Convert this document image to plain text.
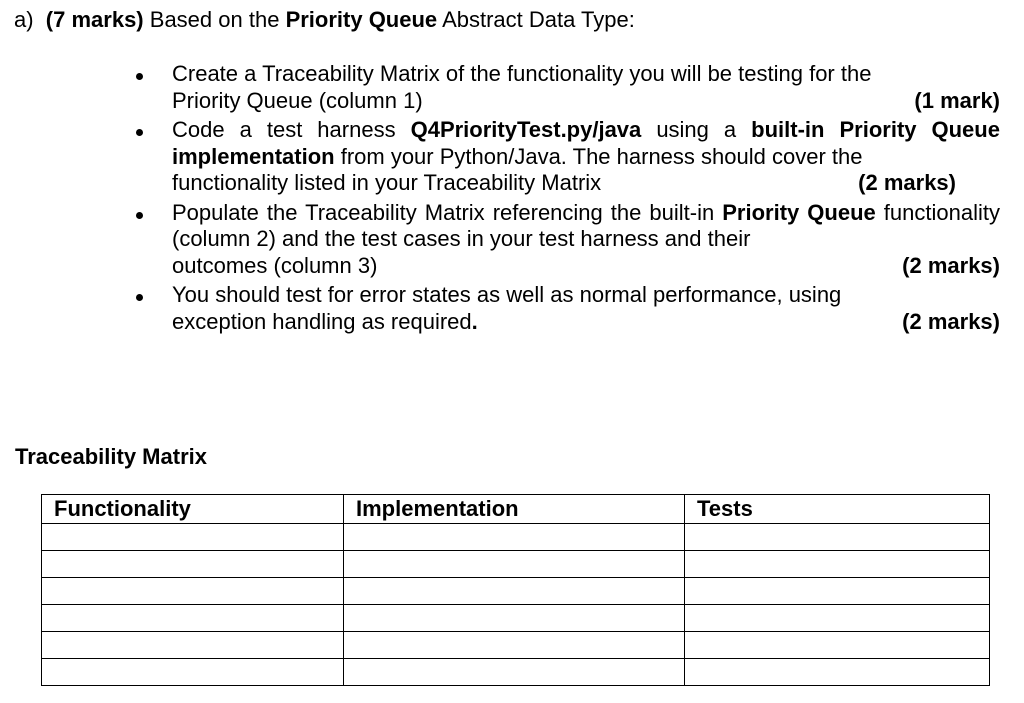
a) (7 marks) Based on the Priority Queue Abstract Data Type:
Create a Traceability Matrix of the functionality you will be testing for the
Priority Queue (column 1)	(1 mark)
Code a test harness Q4PriorityTest.py/java using a built-in Priority Queue implementation from your Python/Java. The harness should cover the
functionality listed in your Traceability Matrix	(2 marks)
Populate the Traceability Matrix referencing the built-in Priority Queue functionality (column 2) and the test cases in your test harness and their
outcomes (column 3)	(2 marks)
You should test for error states as well as normal performance, using
exception handling as required.	(2 marks)
Traceability Matrix
Functionality	Implementation	Tests
